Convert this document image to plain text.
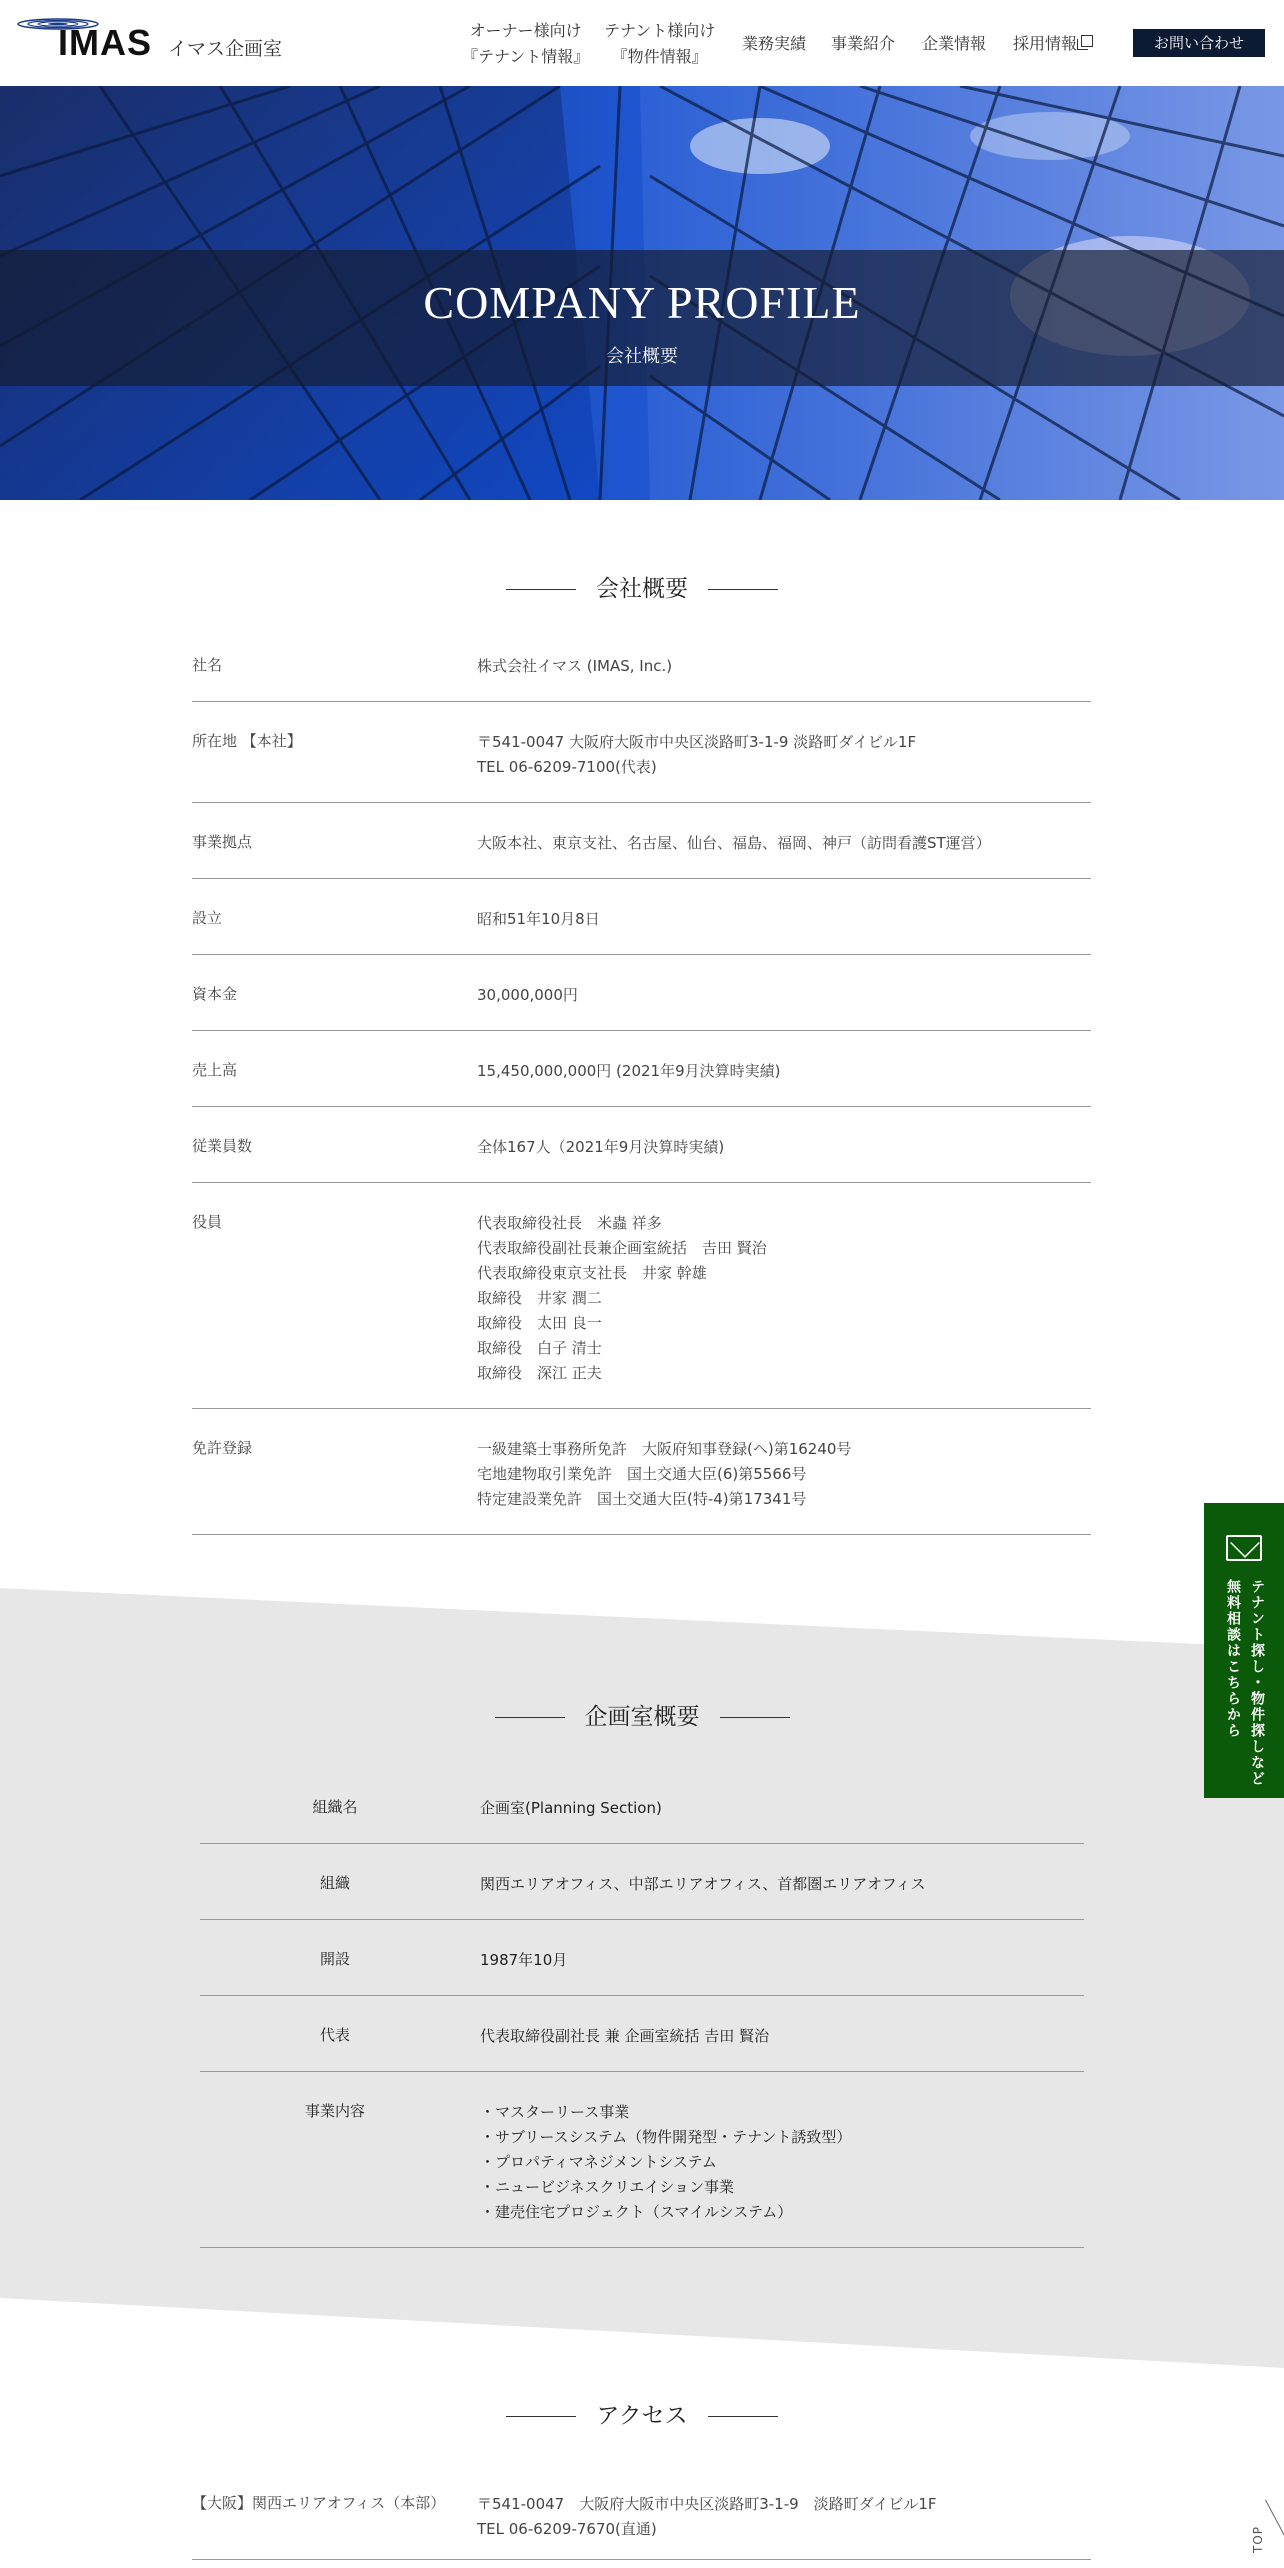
IMAS イマス企画室
オーナー様向け
『テナント情報』
テナント様向け
『物件情報』
業務実績 事業紹介 企業情報 採用情報	お問い合わせ
COMPANY PROFILE
会社概要
会社概要
社名	株式会社イマス (IMAS, Inc.)
所在地 【本社】	〒541-0047 大阪府大阪市中央区淡路町3-1-9 淡路町ダイビル1F
TEL 06-6209-7100(代表)
事業拠点	大阪本社、東京支社、名古屋、仙台、福島、福岡、神戸（訪問看護ST運営）
設立	昭和51年10月8日
資本金	30,000,000円
売上高	15,450,000,000円 (2021年9月決算時実績)
従業員数	全体167人（2021年9月決算時実績)
役員	代表取締役社長　米蟲 祥多
代表取締役副社長兼企画室統括　𠮷田 賢治
代表取締役東京支社長　井家 幹雄
取締役　井家 潤二
取締役　太田 良一
取締役　白子 清士
取締役　深江 正夫
免許登録	一級建築士事務所免許　大阪府知事登録(ヘ)第16240号
宅地建物取引業免許　国土交通大臣(6)第5566号
特定建設業免許　国土交通大臣(特-4)第17341号
企画室概要
組織名	企画室(Planning Section)
組織	関西エリアオフィス、中部エリアオフィス、首都圏エリアオフィス
開設	1987年10月
代表	代表取締役副社長 兼 企画室統括 𠮷田 賢治
事業内容	・マスターリース事業
・サブリースシステム（物件開発型・テナント誘致型）
・プロパティマネジメントシステム
・ニュービジネスクリエイション事業
・建売住宅プロジェクト（スマイルシステム）
アクセス
【大阪】関西エリアオフィス（本部） 〒541-0047　大阪府大阪市中央区淡路町3-1-9　淡路町ダイビル1F
TEL 06-6209-7670(直通)
テナント探し・物件探しなど
無料相談はこちらから
TOP
